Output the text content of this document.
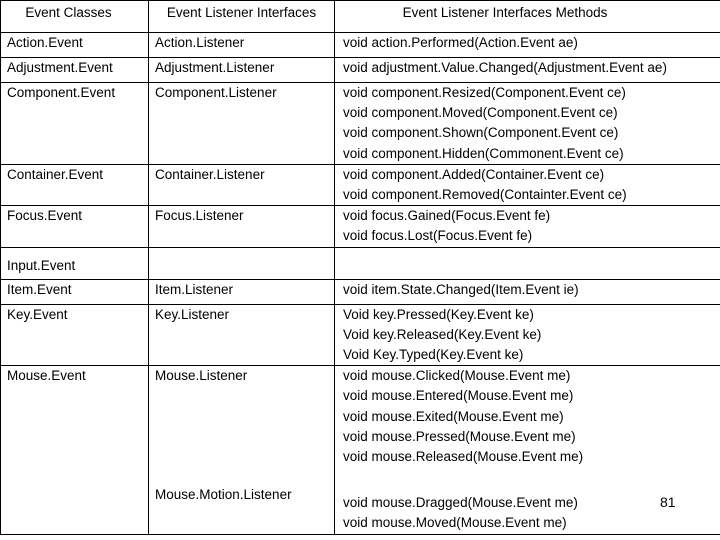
Event Classes	Event Listener Interfaces	Event Listener Interfaces Methods
Action.Event	Action.Listener	void action.Performed(Action.Event ae)

Adjustment.Event	Adjustment.Listener	void adjustment.Value.Changed(Adjustment.Event ae)

Component.Event	Component.Listener	void component.Resized(Component.Event ce)
void component.Moved(Component.Event ce)
void component.Shown(Component.Event ce)
void component.Hidden(Commonent.Event ce)

Container.Event	Container.Listener	void component.Added(Container.Event ce)
void component.Removed(Containter.Event ce)

Focus.Event	Focus.Listener	void focus.Gained(Focus.Event fe)
void focus.Lost(Focus.Event fe)

Input.Event		
Item.Event	Item.Listener	void item.State.Changed(Item.Event ie)

Key.Event	Key.Listener	Void key.Pressed(Key.Event ke)
Void key.Released(Key.Event ke)
Void Key.Typed(Key.Event ke)

Mouse.Event	Mouse.Listener	void mouse.Clicked(Mouse.Event me)
void mouse.Entered(Mouse.Event me)
void mouse.Exited(Mouse.Event me)
void mouse.Pressed(Mouse.Event me)
void mouse.Released(Mouse.Event me)

	Mouse.Motion.Listener	void mouse.Dragged(Mouse.Event me)
void mouse.Moved(Mouse.Event me)
81
